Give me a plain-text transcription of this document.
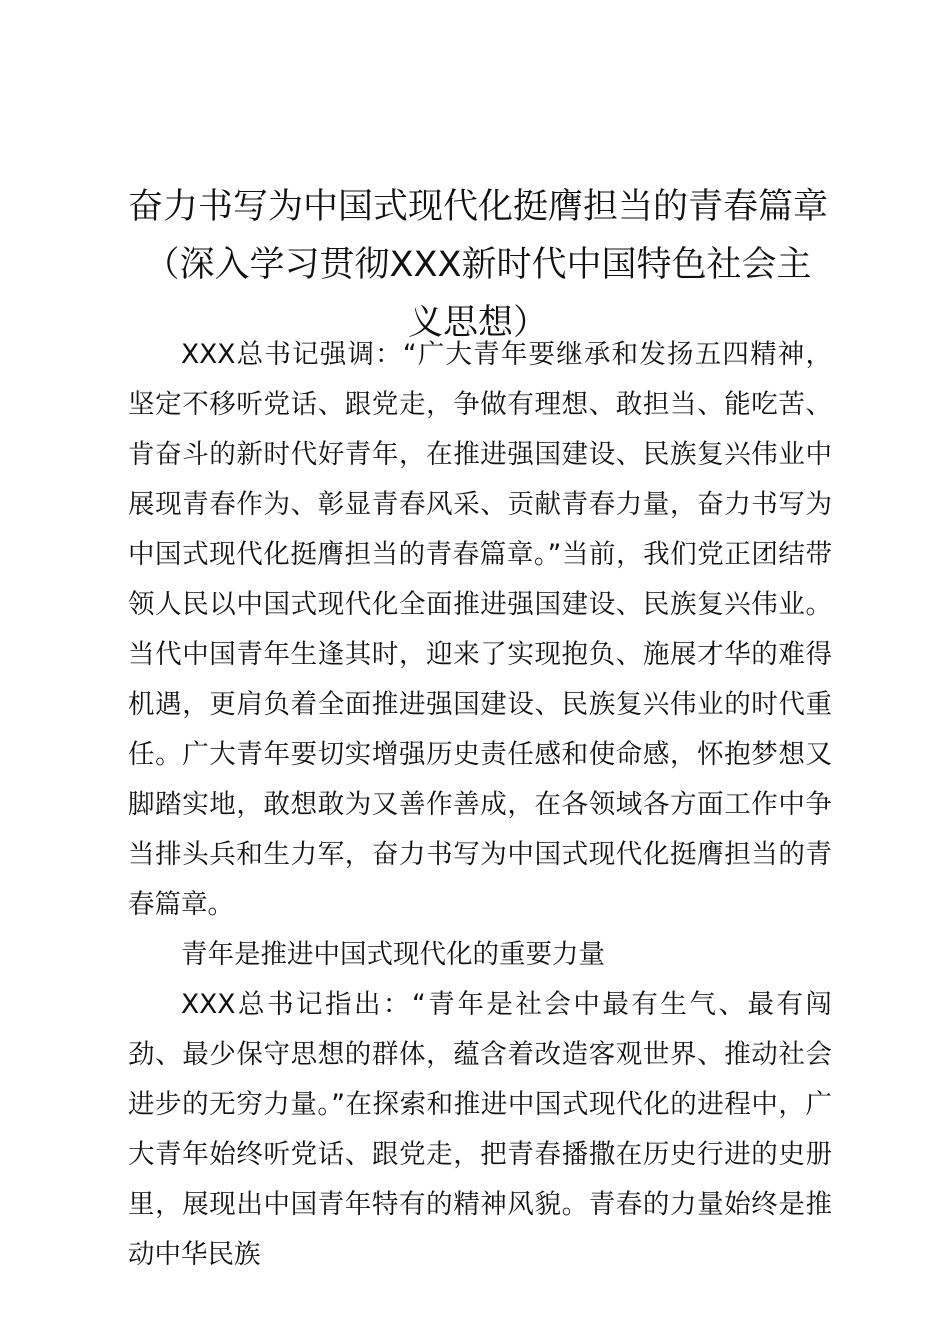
奋力书写为中国式现代化挺膺担当的青春篇章（深入学习贯彻XXX新时代中国特色社会主义思想）

XXX总书记强调：“广大青年要继承和发扬五四精神，坚定不移听党话、跟党走，争做有理想、敢担当、能吃苦、肯奋斗的新时代好青年，在推进强国建设、民族复兴伟业中展现青春作为、彰显青春风采、贡献青春力量，奋力书写为中国式现代化挺膺担当的青春篇章。”当前，我们党正团结带领人民以中国式现代化全面推进强国建设、民族复兴伟业。当代中国青年生逢其时，迎来了实现抱负、施展才华的难得机遇，更肩负着全面推进强国建设、民族复兴伟业的时代重任。广大青年要切实增强历史责任感和使命感，怀抱梦想又脚踏实地，敢想敢为又善作善成，在各领域各方面工作中争当排头兵和生力军，奋力书写为中国式现代化挺膺担当的青春篇章。

青年是推进中国式现代化的重要力量

XXX总书记指出：“青年是社会中最有生气、最有闯劲、最少保守思想的群体，蕴含着改造客观世界、推动社会进步的无穷力量。”在探索和推进中国式现代化的进程中，广大青年始终听党话、跟党走，把青春播撒在历史行进的史册里，展现出中国青年特有的精神风貌。青春的力量始终是推动中华民族
